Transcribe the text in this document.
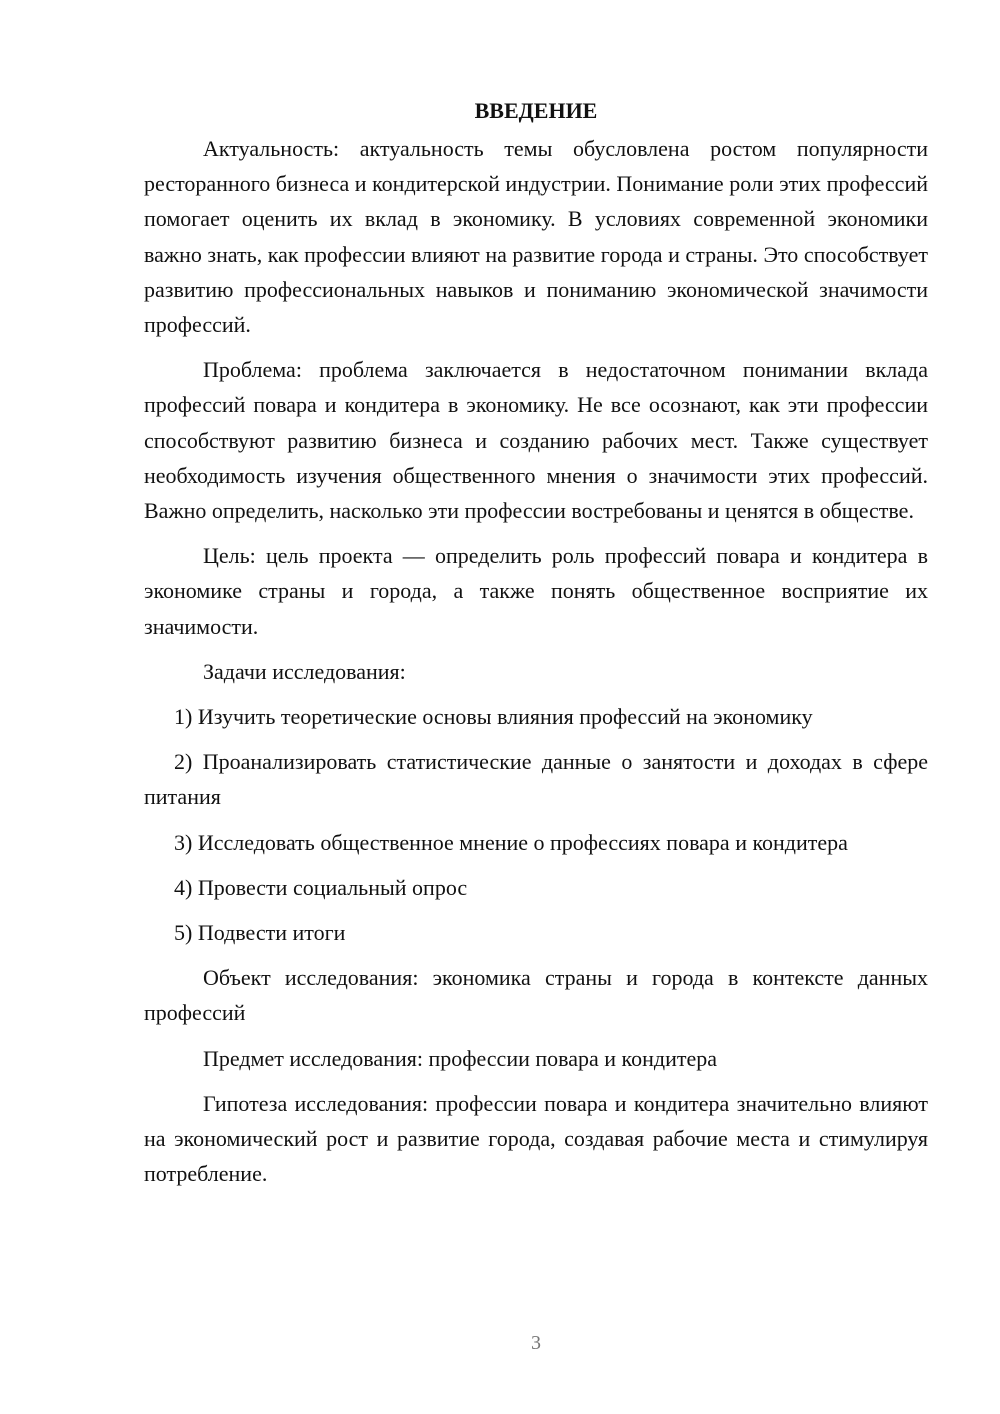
ВВЕДЕНИЕ

Актуальность: актуальность темы обусловлена ростом популярности ресторанного бизнеса и кондитерской индустрии. Понимание роли этих профессий помогает оценить их вклад в экономику. В условиях современной экономики важно знать, как профессии влияют на развитие города и страны. Это способствует развитию профессиональных навыков и пониманию экономической значимости профессий.

Проблема: проблема заключается в недостаточном понимании вклада профессий повара и кондитера в экономику. Не все осознают, как эти профессии способствуют развитию бизнеса и созданию рабочих мест. Также существует необходимость изучения общественного мнения о значимости этих профессий. Важно определить, насколько эти профессии востребованы и ценятся в обществе.

Цель: цель проекта — определить роль профессий повара и кондитера в экономике страны и города, а также понять общественное восприятие их значимости.

Задачи исследования:

1) Изучить теоретические основы влияния профессий на экономику

2) Проанализировать статистические данные о занятости и доходах в сфере питания

3) Исследовать общественное мнение о профессиях повара и кондитера

4) Провести социальный опрос

5) Подвести итоги

Объект исследования: экономика страны и города в контексте данных профессий

Предмет исследования: профессии повара и кондитера

Гипотеза исследования: профессии повара и кондитера значительно влияют на экономический рост и развитие города, создавая рабочие места и стимулируя потребление.

3
